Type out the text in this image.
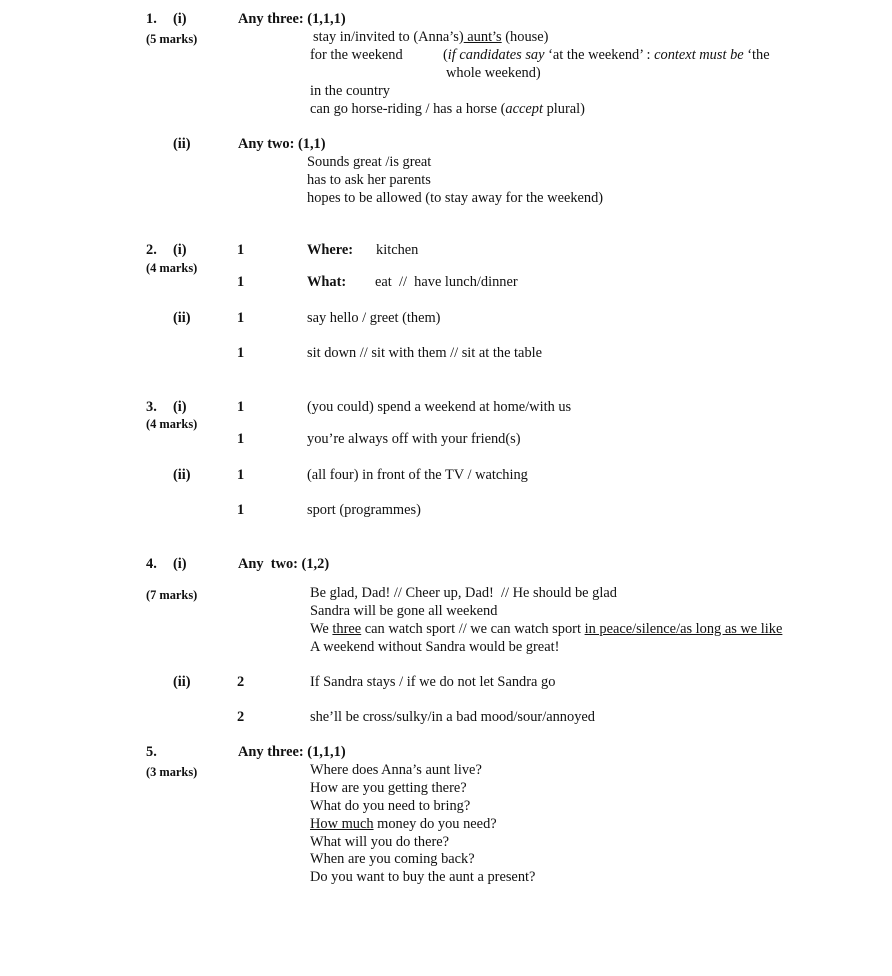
1. (i)
(5 marks)
Any three: (1,1,1)
stay in/invited to (Anna’s) aunt’s (house)
for the weekend	(if candidates say ‘at the weekend’ : context must be ‘the
whole weekend)
in the country
can go horse-riding / has a horse (accept plural)
(ii)	Any two: (1,1)
Sounds great /is great
has to ask her parents
hopes to be allowed (to stay away for the weekend)
2. (i)
(4 marks)
1	Where: kitchen
1	What: eat  //  have lunch/dinner
(ii)	1	say hello / greet (them)
1	sit down // sit with them // sit at the table
3. (i)
(4 marks)
1	(you could) spend a weekend at home/with us
1	you’re always off with your friend(s)
(ii)	1	(all four) in front of the TV / watching
1	sport (programmes)
4. (i)
(7 marks)
Any  two: (1,2)
Be glad, Dad! // Cheer up, Dad!  // He should be glad
Sandra will be gone all weekend
We three can watch sport // we can watch sport in peace/silence/as long as we like
A weekend without Sandra would be great!
(ii)	2	If Sandra stays / if we do not let Sandra go
2	she’ll be cross/sulky/in a bad mood/sour/annoyed
5.
(3 marks)
Any three: (1,1,1)
Where does Anna’s aunt live?
How are you getting there?
What do you need to bring?
How much money do you need?
What will you do there?
When are you coming back?
Do you want to buy the aunt a present?
